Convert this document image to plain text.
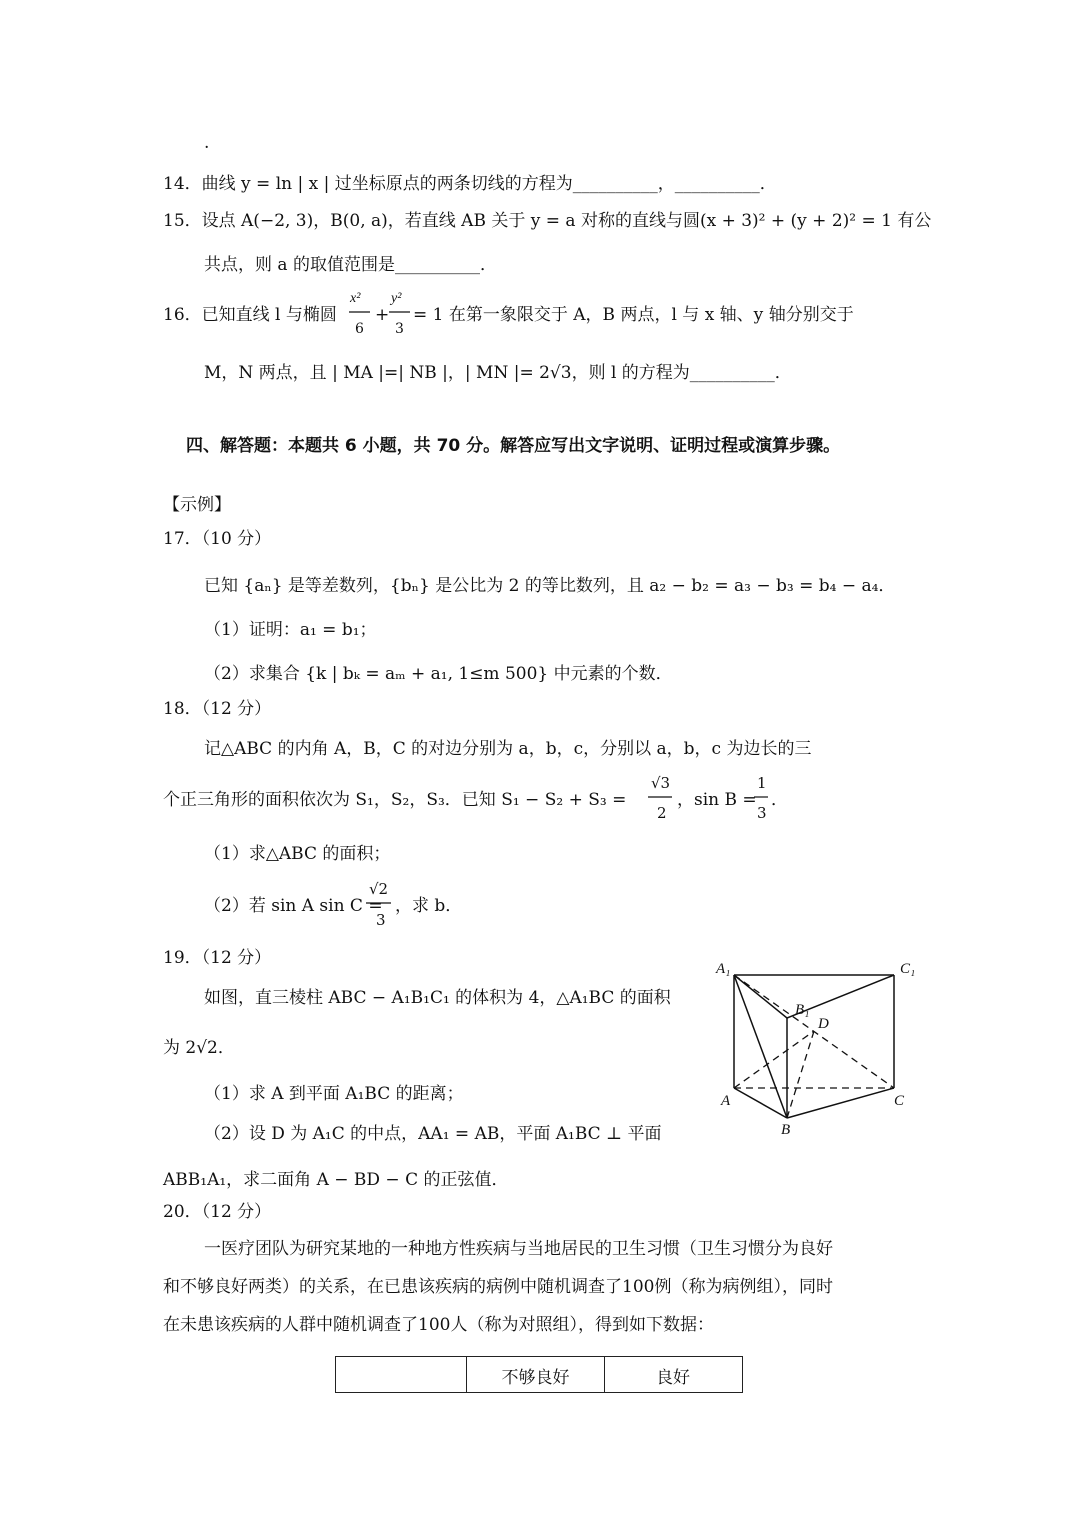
.
14．曲线 y = ln | x | 过坐标原点的两条切线的方程为__________，__________．
15．设点 A(−2, 3)，B(0, a)，若直线 AB 关于 y = a 对称的直线与圆(x + 3)² + (y + 2)² = 1 有公
共点，则 a 的取值范围是__________．
16．已知直线 l 与椭圆
x²
6
+
y²
3
= 1 在第一象限交于 A，B 两点，l 与 x 轴、y 轴分别交于
M，N 两点，且 | MA |=| NB |，| MN |= 2√3，则 l 的方程为__________．
四、解答题：本题共 6 小题，共 70 分。解答应写出文字说明、证明过程或演算步骤。
【示例】
17．（10 分）
已知 {aₙ} 是等差数列，{bₙ} 是公比为 2 的等比数列，且 a₂ − b₂ = a₃ − b₃ = b₄ − a₄．
（1）证明：a₁ = b₁；
（2）求集合 {k | bₖ = aₘ + a₁, 1≤m 500} 中元素的个数．
18．（12 分）
记△ABC 的内角 A，B，C 的对边分别为 a，b，c，分别以 a，b，c 为边长的三
个正三角形的面积依次为 S₁，S₂，S₃．已知 S₁ − S₂ + S₃ =
√3
2
，sin B =
1
3
．
（1）求△ABC 的面积；
（2）若 sin A sin C =
√2
3
，求 b．
19．（12 分）
如图，直三棱柱 ABC − A₁B₁C₁ 的体积为 4，△A₁BC 的面积
为 2√2．
（1）求 A 到平面 A₁BC 的距离；
（2）设 D 为 A₁C 的中点，AA₁ = AB，平面 A₁BC ⊥ 平面
ABB₁A₁，求二面角 A − BD − C 的正弦值．
A₁	C₁
B₁
D
A
B
C
20．（12 分）
一医疗团队为研究某地的一种地方性疾病与当地居民的卫生习惯（卫生习惯分为良好
和不够良好两类）的关系，在已患该疾病的病例中随机调查了100例（称为病例组），同时
在未患该疾病的人群中随机调查了100人（称为对照组），得到如下数据：
不够良好	良好
